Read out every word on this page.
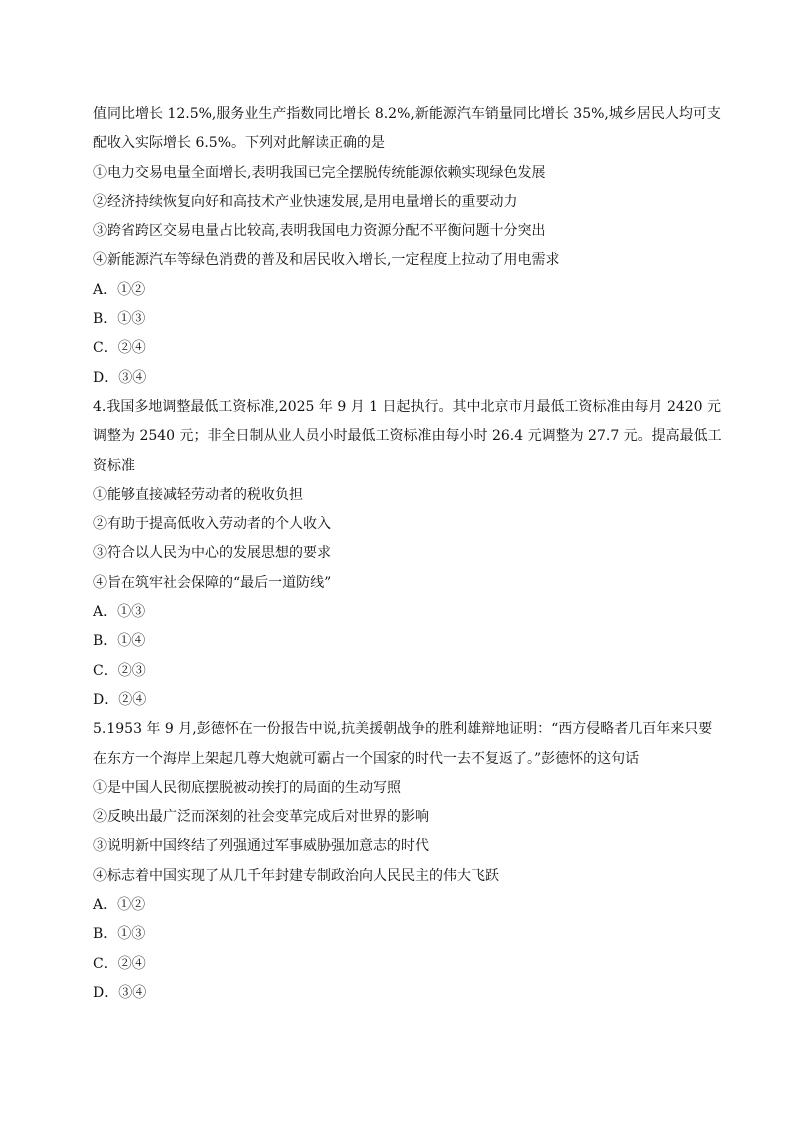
值同比增长 12.5%,服务业生产指数同比增长 8.2%,新能源汽车销量同比增长 35%,城乡居民人均可支
配收入实际增长 6.5%。下列对此解读正确的是
①电力交易电量全面增长,表明我国已完全摆脱传统能源依赖实现绿色发展
②经济持续恢复向好和高技术产业快速发展,是用电量增长的重要动力
③跨省跨区交易电量占比较高,表明我国电力资源分配不平衡问题十分突出
④新能源汽车等绿色消费的普及和居民收入增长,一定程度上拉动了用电需求
A．①②
B．①③
C．②④
D．③④
4.我国多地调整最低工资标准,2025 年 9 月 1 日起执行。其中北京市月最低工资标准由每月 2420 元
调整为 2540 元；非全日制从业人员小时最低工资标准由每小时 26.4 元调整为 27.7 元。提高最低工
资标准
①能够直接减轻劳动者的税收负担
②有助于提高低收入劳动者的个人收入
③符合以人民为中心的发展思想的要求
④旨在筑牢社会保障的“最后一道防线”
A．①③
B．①④
C．②③
D．②④
5.1953 年 9 月,彭德怀在一份报告中说,抗美援朝战争的胜利雄辩地证明：“西方侵略者几百年来只要
在东方一个海岸上架起几尊大炮就可霸占一个国家的时代一去不复返了。”彭德怀的这句话
①是中国人民彻底摆脱被动挨打的局面的生动写照
②反映出最广泛而深刻的社会变革完成后对世界的影响
③说明新中国终结了列强通过军事威胁强加意志的时代
④标志着中国实现了从几千年封建专制政治向人民民主的伟大飞跃
A．①②
B．①③
C．②④
D．③④
